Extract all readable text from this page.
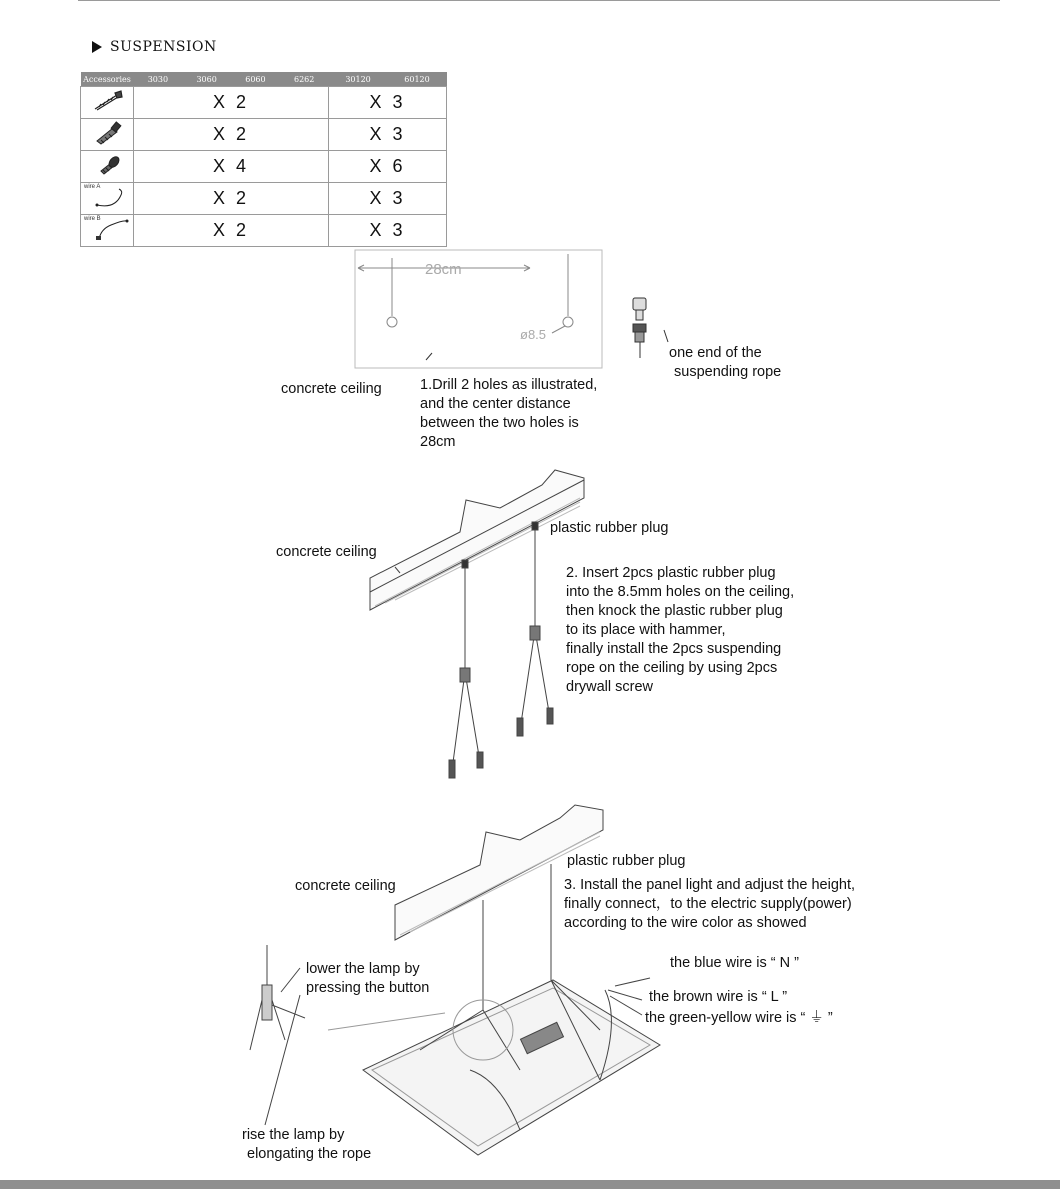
SUSPENSION
Accessories	3030	3060	6060	6262	30120	60120
	X 2				X 3	
	X 2				X 3	
	X 4				X 6	

wire A	X 2				X 3	

wire B	X 2				X 3	
28cm
ø8.5
concrete ceiling	1.Drill 2 holes as illustrated,
and the center distance
between the two holes is
28cm
one end of the
suspending rope
concrete ceiling
plastic rubber plug
2. Insert 2pcs plastic rubber plug
into the 8.5mm holes on the ceiling,
then knock the plastic rubber plug
to its place with hammer,
finally install the 2pcs suspending
rope on the ceiling by using 2pcs
drywall screw
concrete ceiling
plastic rubber plug
3. Install the panel light and adjust the height,
finally connect，to the electric supply(power)
according to the wire color as showed
the blue wire is “ N ”
the brown wire is “ L ”
the green-yellow wire is “ ⏚ ”
lower the lamp by
pressing the button
rise the lamp by
elongating the rope
